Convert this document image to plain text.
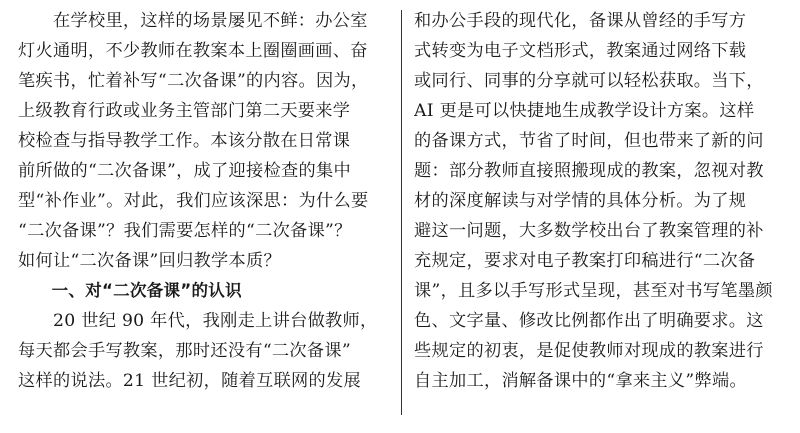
　　在学校里，这样的场景屡见不鲜：办公室
灯火通明，不少教师在教案本上圈圈画画、奋
笔疾书，忙着补写“二次备课”的内容。因为，
上级教育行政或业务主管部门第二天要来学
校检查与指导教学工作。本该分散在日常课
前所做的“二次备课”，成了迎接检查的集中
型“补作业”。对此，我们应该深思：为什么要
“二次备课”？我们需要怎样的“二次备课”？
如何让“二次备课”回归教学本质？
　　一、对“二次备课”的认识
　　20 世纪 90 年代，我刚走上讲台做教师，
每天都会手写教案，那时还没有“二次备课”
这样的说法。21 世纪初，随着互联网的发展
和办公手段的现代化，备课从曾经的手写方
式转变为电子文档形式，教案通过网络下载
或同行、同事的分享就可以轻松获取。当下，
AI 更是可以快捷地生成教学设计方案。这样
的备课方式，节省了时间，但也带来了新的问
题：部分教师直接照搬现成的教案，忽视对教
材的深度解读与对学情的具体分析。为了规
避这一问题，大多数学校出台了教案管理的补
充规定，要求对电子教案打印稿进行“二次备
课”，且多以手写形式呈现，甚至对书写笔墨颜
色、文字量、修改比例都作出了明确要求。这
些规定的初衷，是促使教师对现成的教案进行
自主加工，消解备课中的“拿来主义”弊端。
